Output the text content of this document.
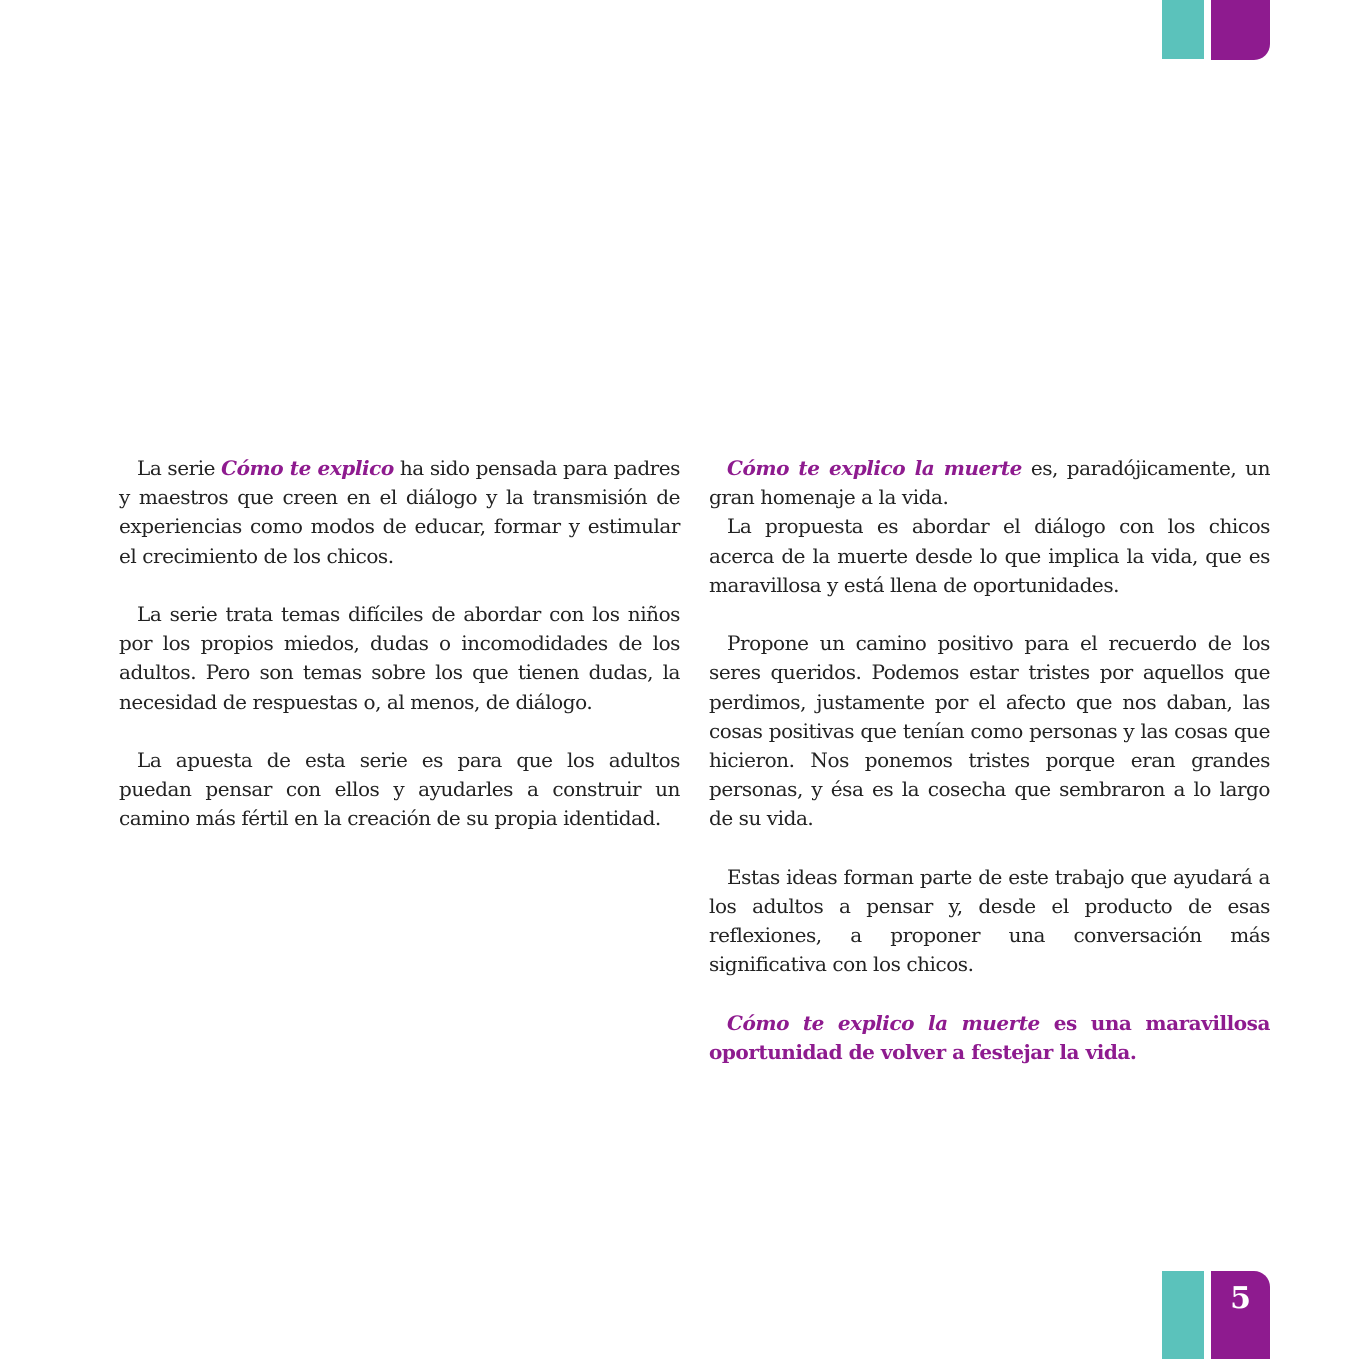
La serie Cómo te explico ha sido pensada para padres y maestros que creen en el diálogo y la transmisión de experiencias como modos de educar, formar y estimular el crecimiento de los chicos.

La serie trata temas difíciles de abordar con los niños por los propios miedos, dudas o incomodidades de los adultos. Pero son temas sobre los que tienen dudas, la necesidad de respuestas o, al menos, de diálogo.

La apuesta de esta serie es para que los adultos puedan pensar con ellos y ayudarles a construir un camino más fértil en la creación de su propia identidad.

Cómo te explico la muerte es, paradójicamente, un gran homenaje a la vida.

La propuesta es abordar el diálogo con los chicos acerca de la muerte desde lo que implica la vida, que es maravillosa y está llena de oportunidades.

Propone un camino positivo para el recuerdo de los seres queridos. Podemos estar tristes por aquellos que perdimos, justamente por el afecto que nos daban, las cosas positivas que tenían como personas y las cosas que hicieron. Nos ponemos tristes porque eran grandes personas, y ésa es la cosecha que sembraron a lo largo de su vida.

Estas ideas forman parte de este trabajo que ayudará a los adultos a pensar y, desde el producto de esas reflexiones, a proponer una conversación más significativa con los chicos.

Cómo te explico la muerte es una maravillosa oportunidad de volver a festejar la vida.

5
